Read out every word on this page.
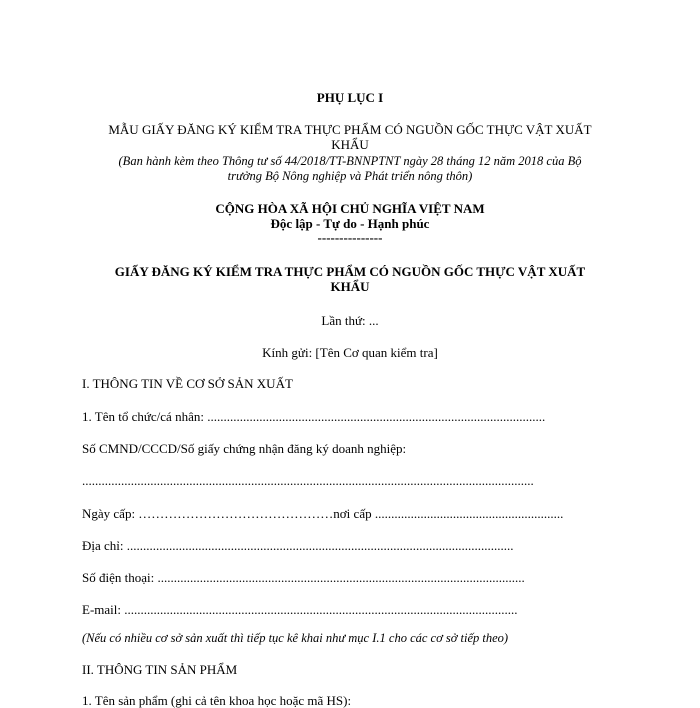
PHỤ LỤC I
MẪU GIẤY ĐĂNG KÝ KIỂM TRA THỰC PHẨM CÓ NGUỒN GỐC THỰC VẬT XUẤT
KHẨU
(Ban hành kèm theo Thông tư số 44/2018/TT-BNNPTNT ngày 28 tháng 12 năm 2018 của Bộ
trưởng Bộ Nông nghiệp và Phát triển nông thôn)
CỘNG HÒA XÃ HỘI CHỦ NGHĨA VIỆT NAM
Độc lập - Tự do - Hạnh phúc
---------------
GIẤY ĐĂNG KÝ KIỂM TRA THỰC PHẨM CÓ NGUỒN GỐC THỰC VẬT XUẤT
KHẨU
Lần thứ: ...
Kính gửi: [Tên Cơ quan kiểm tra]
I. THÔNG TIN VỀ CƠ SỞ SẢN XUẤT
1. Tên tổ chức/cá nhân: ........................................................................................................
Số CMND/CCCD/Số giấy chứng nhận đăng ký doanh nghiệp:
...........................................................................................................................................
Ngày cấp: ………………………………………nơi cấp ..........................................................
Địa chỉ: .......................................................................................................................
Số điện thoại: .................................................................................................................
E-mail: .........................................................................................................................
(Nếu có nhiều cơ sở sản xuất thì tiếp tục kê khai như mục I.1 cho các cơ sở tiếp theo)
II. THÔNG TIN SẢN PHẨM
1. Tên sản phẩm (ghi cả tên khoa học hoặc mã HS):
